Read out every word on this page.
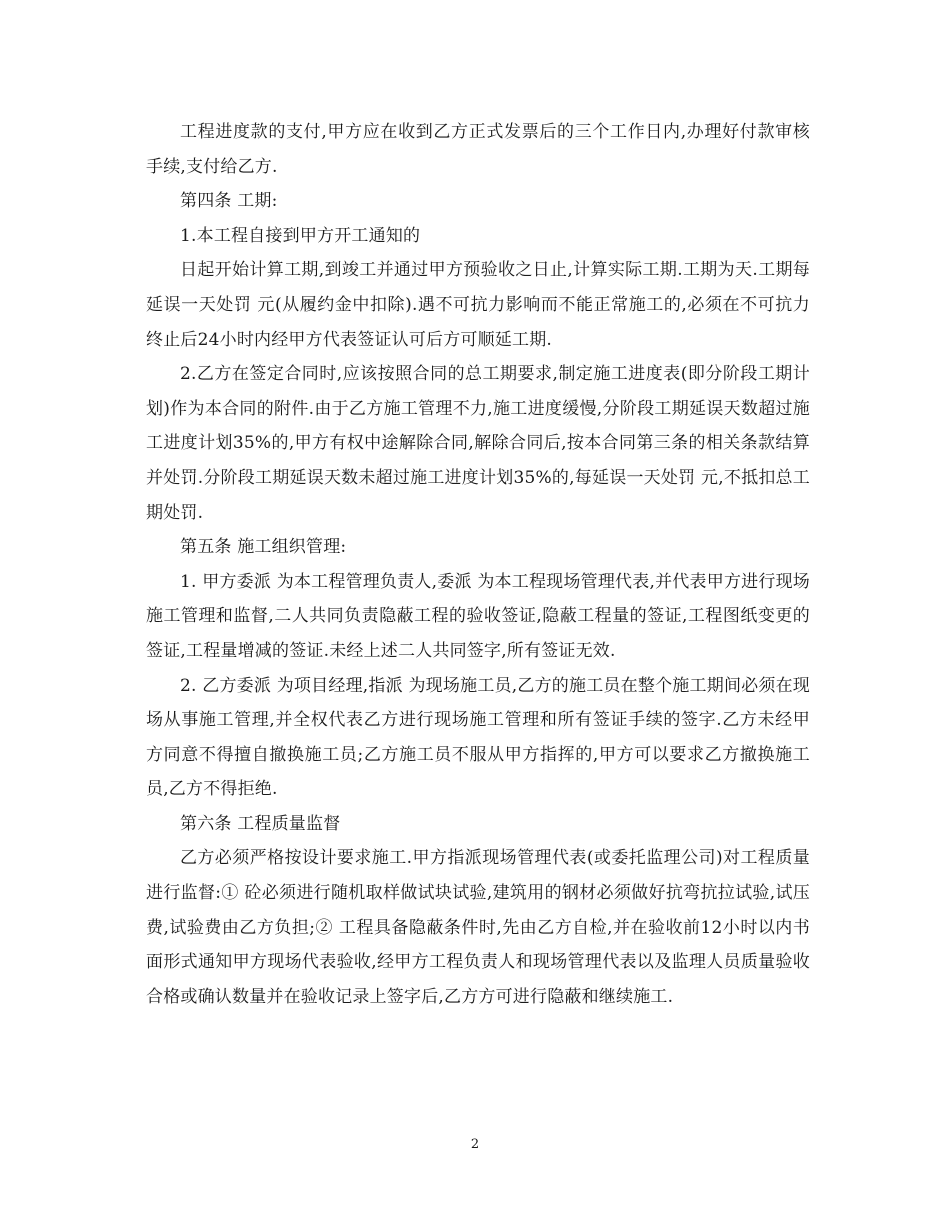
工程进度款的支付,甲方应在收到乙方正式发票后的三个工作日内,办理好付款审核手续,支付给乙方.

第四条 工期:

1.本工程自接到甲方开工通知的

日起开始计算工期,到竣工并通过甲方预验收之日止,计算实际工期.工期为天.工期每延误一天处罚 元(从履约金中扣除).遇不可抗力影响而不能正常施工的,必须在不可抗力终止后24小时内经甲方代表签证认可后方可顺延工期.

2.乙方在签定合同时,应该按照合同的总工期要求,制定施工进度表(即分阶段工期计划)作为本合同的附件.由于乙方施工管理不力,施工进度缓慢,分阶段工期延误天数超过施工进度计划35%的,甲方有权中途解除合同,解除合同后,按本合同第三条的相关条款结算并处罚.分阶段工期延误天数未超过施工进度计划35%的,每延误一天处罚 元,不抵扣总工期处罚.

第五条 施工组织管理:

1. 甲方委派 为本工程管理负责人,委派 为本工程现场管理代表,并代表甲方进行现场施工管理和监督,二人共同负责隐蔽工程的验收签证,隐蔽工程量的签证,工程图纸变更的签证,工程量增减的签证.未经上述二人共同签字,所有签证无效.

2. 乙方委派 为项目经理,指派 为现场施工员,乙方的施工员在整个施工期间必须在现场从事施工管理,并全权代表乙方进行现场施工管理和所有签证手续的签字.乙方未经甲方同意不得擅自撤换施工员;乙方施工员不服从甲方指挥的,甲方可以要求乙方撤换施工员,乙方不得拒绝.

第六条 工程质量监督

乙方必须严格按设计要求施工.甲方指派现场管理代表(或委托监理公司)对工程质量进行监督:① 砼必须进行随机取样做试块试验,建筑用的钢材必须做好抗弯抗拉试验,试压费,试验费由乙方负担;② 工程具备隐蔽条件时,先由乙方自检,并在验收前12小时以内书面形式通知甲方现场代表验收,经甲方工程负责人和现场管理代表以及监理人员质量验收合格或确认数量并在验收记录上签字后,乙方方可进行隐蔽和继续施工.

2
